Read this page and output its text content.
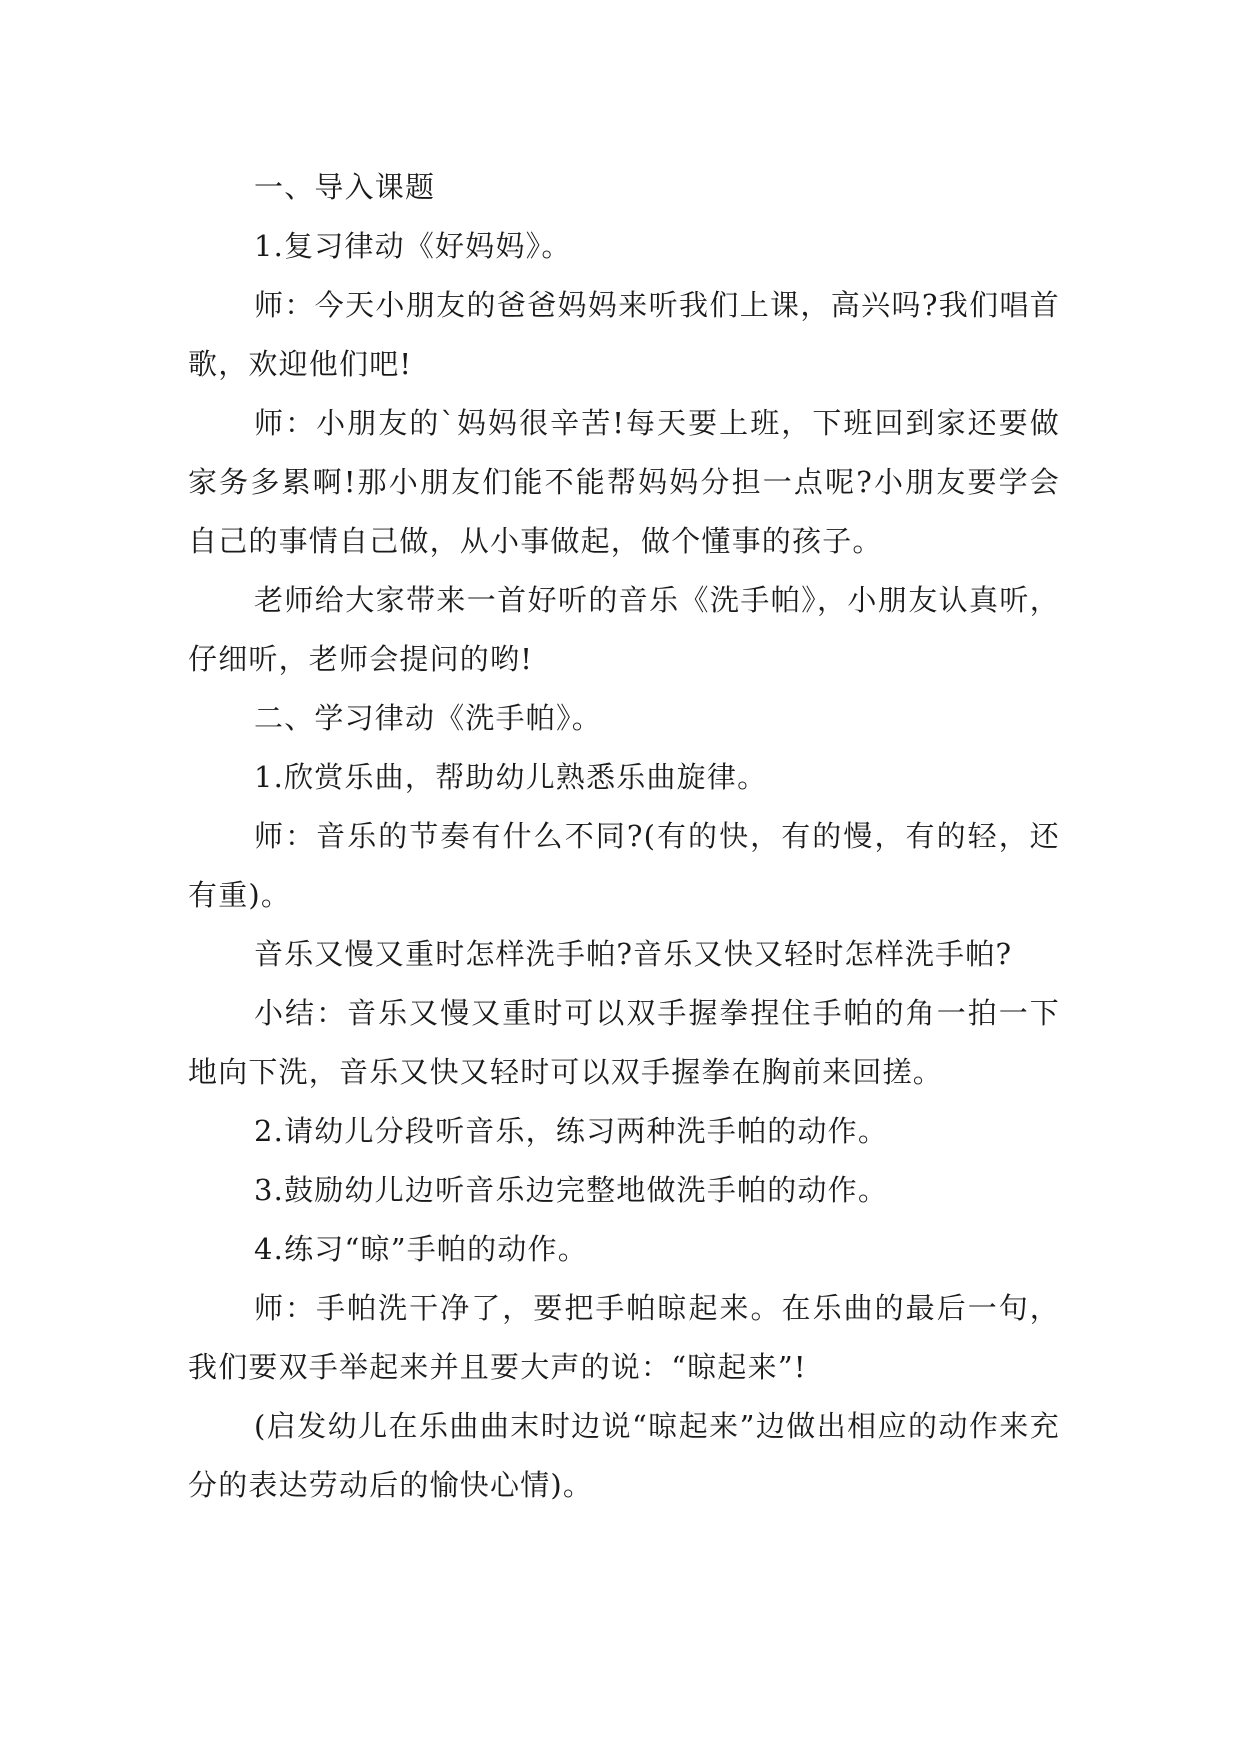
一、导入课题

1.复习律动《好妈妈》。

师：今天小朋友的爸爸妈妈来听我们上课，高兴吗?我们唱首歌，欢迎他们吧!

师：小朋友的`妈妈很辛苦!每天要上班，下班回到家还要做家务多累啊!那小朋友们能不能帮妈妈分担一点呢?小朋友要学会自己的事情自己做，从小事做起，做个懂事的孩子。

老师给大家带来一首好听的音乐《洗手帕》，小朋友认真听，仔细听，老师会提问的哟!

二、学习律动《洗手帕》。

1.欣赏乐曲，帮助幼儿熟悉乐曲旋律。

师：音乐的节奏有什么不同?(有的快，有的慢，有的轻，还有重)。

音乐又慢又重时怎样洗手帕?音乐又快又轻时怎样洗手帕?

小结：音乐又慢又重时可以双手握拳捏住手帕的角一拍一下地向下洗，音乐又快又轻时可以双手握拳在胸前来回搓。

2.请幼儿分段听音乐，练习两种洗手帕的动作。

3.鼓励幼儿边听音乐边完整地做洗手帕的动作。

4.练习“晾”手帕的动作。

师：手帕洗干净了，要把手帕晾起来。在乐曲的最后一句，我们要双手举起来并且要大声的说：“晾起来”!

(启发幼儿在乐曲曲末时边说“晾起来”边做出相应的动作来充分的表达劳动后的愉快心情)。
